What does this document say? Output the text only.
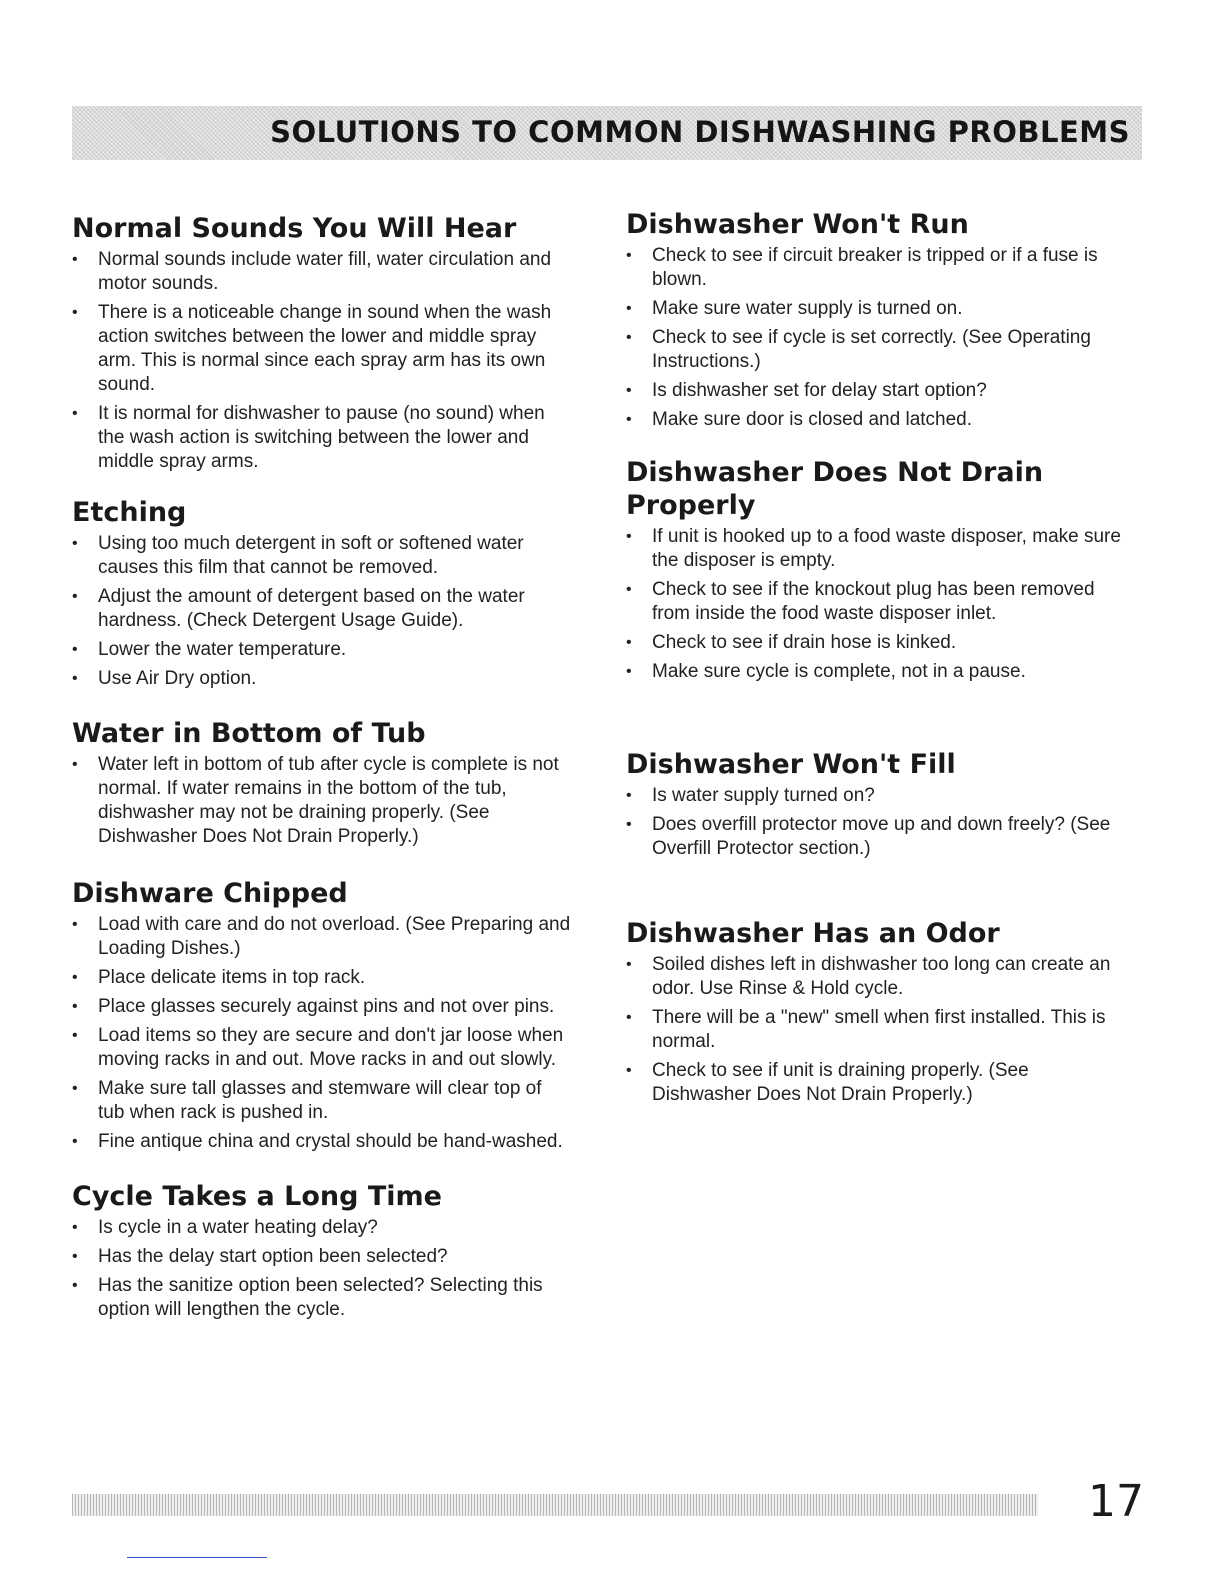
SOLUTIONS TO COMMON DISHWASHING PROBLEMS
Normal Sounds You Will Hear
• Normal sounds include water fill, water circulation and motor sounds.
• There is a noticeable change in sound when the wash action switches between the lower and middle spray arm. This is normal since each spray arm has its own sound.
• It is normal for dishwasher to pause (no sound) when the wash action is switching between the lower and middle spray arms.
Etching
• Using too much detergent in soft or softened water causes this film that cannot be removed.
• Adjust the amount of detergent based on the water hardness. (Check Detergent Usage Guide).
• Lower the water temperature.
• Use Air Dry option.
Water in Bottom of Tub
• Water left in bottom of tub after cycle is complete is not normal. If water remains in the bottom of the tub, dishwasher may not be draining properly. (See Dishwasher Does Not Drain Properly.)
Dishware Chipped
• Load with care and do not overload. (See Preparing and Loading Dishes.)
• Place delicate items in top rack.
• Place glasses securely against pins and not over pins.
• Load items so they are secure and don't jar loose when moving racks in and out. Move racks in and out slowly.
• Make sure tall glasses and stemware will clear top of tub when rack is pushed in.
• Fine antique china and crystal should be hand-washed.
Cycle Takes a Long Time
• Is cycle in a water heating delay?
• Has the delay start option been selected?
• Has the sanitize option been selected? Selecting this option will lengthen the cycle.
Dishwasher Won't Run
• Check to see if circuit breaker is tripped or if a fuse is blown.
• Make sure water supply is turned on.
• Check to see if cycle is set correctly. (See Operating Instructions.)
• Is dishwasher set for delay start option?
• Make sure door is closed and latched.
Dishwasher Does Not Drain Properly
• If unit is hooked up to a food waste disposer, make sure the disposer is empty.
• Check to see if the knockout plug has been removed from inside the food waste disposer inlet.
• Check to see if drain hose is kinked.
• Make sure cycle is complete, not in a pause.
Dishwasher Won't Fill
• Is water supply turned on?
• Does overfill protector move up and down freely? (See Overfill Protector section.)
Dishwasher Has an Odor
• Soiled dishes left in dishwasher too long can create an odor. Use Rinse & Hold cycle.
• There will be a "new" smell when first installed. This is normal.
• Check to see if unit is draining properly. (See Dishwasher Does Not Drain Properly.)
17
